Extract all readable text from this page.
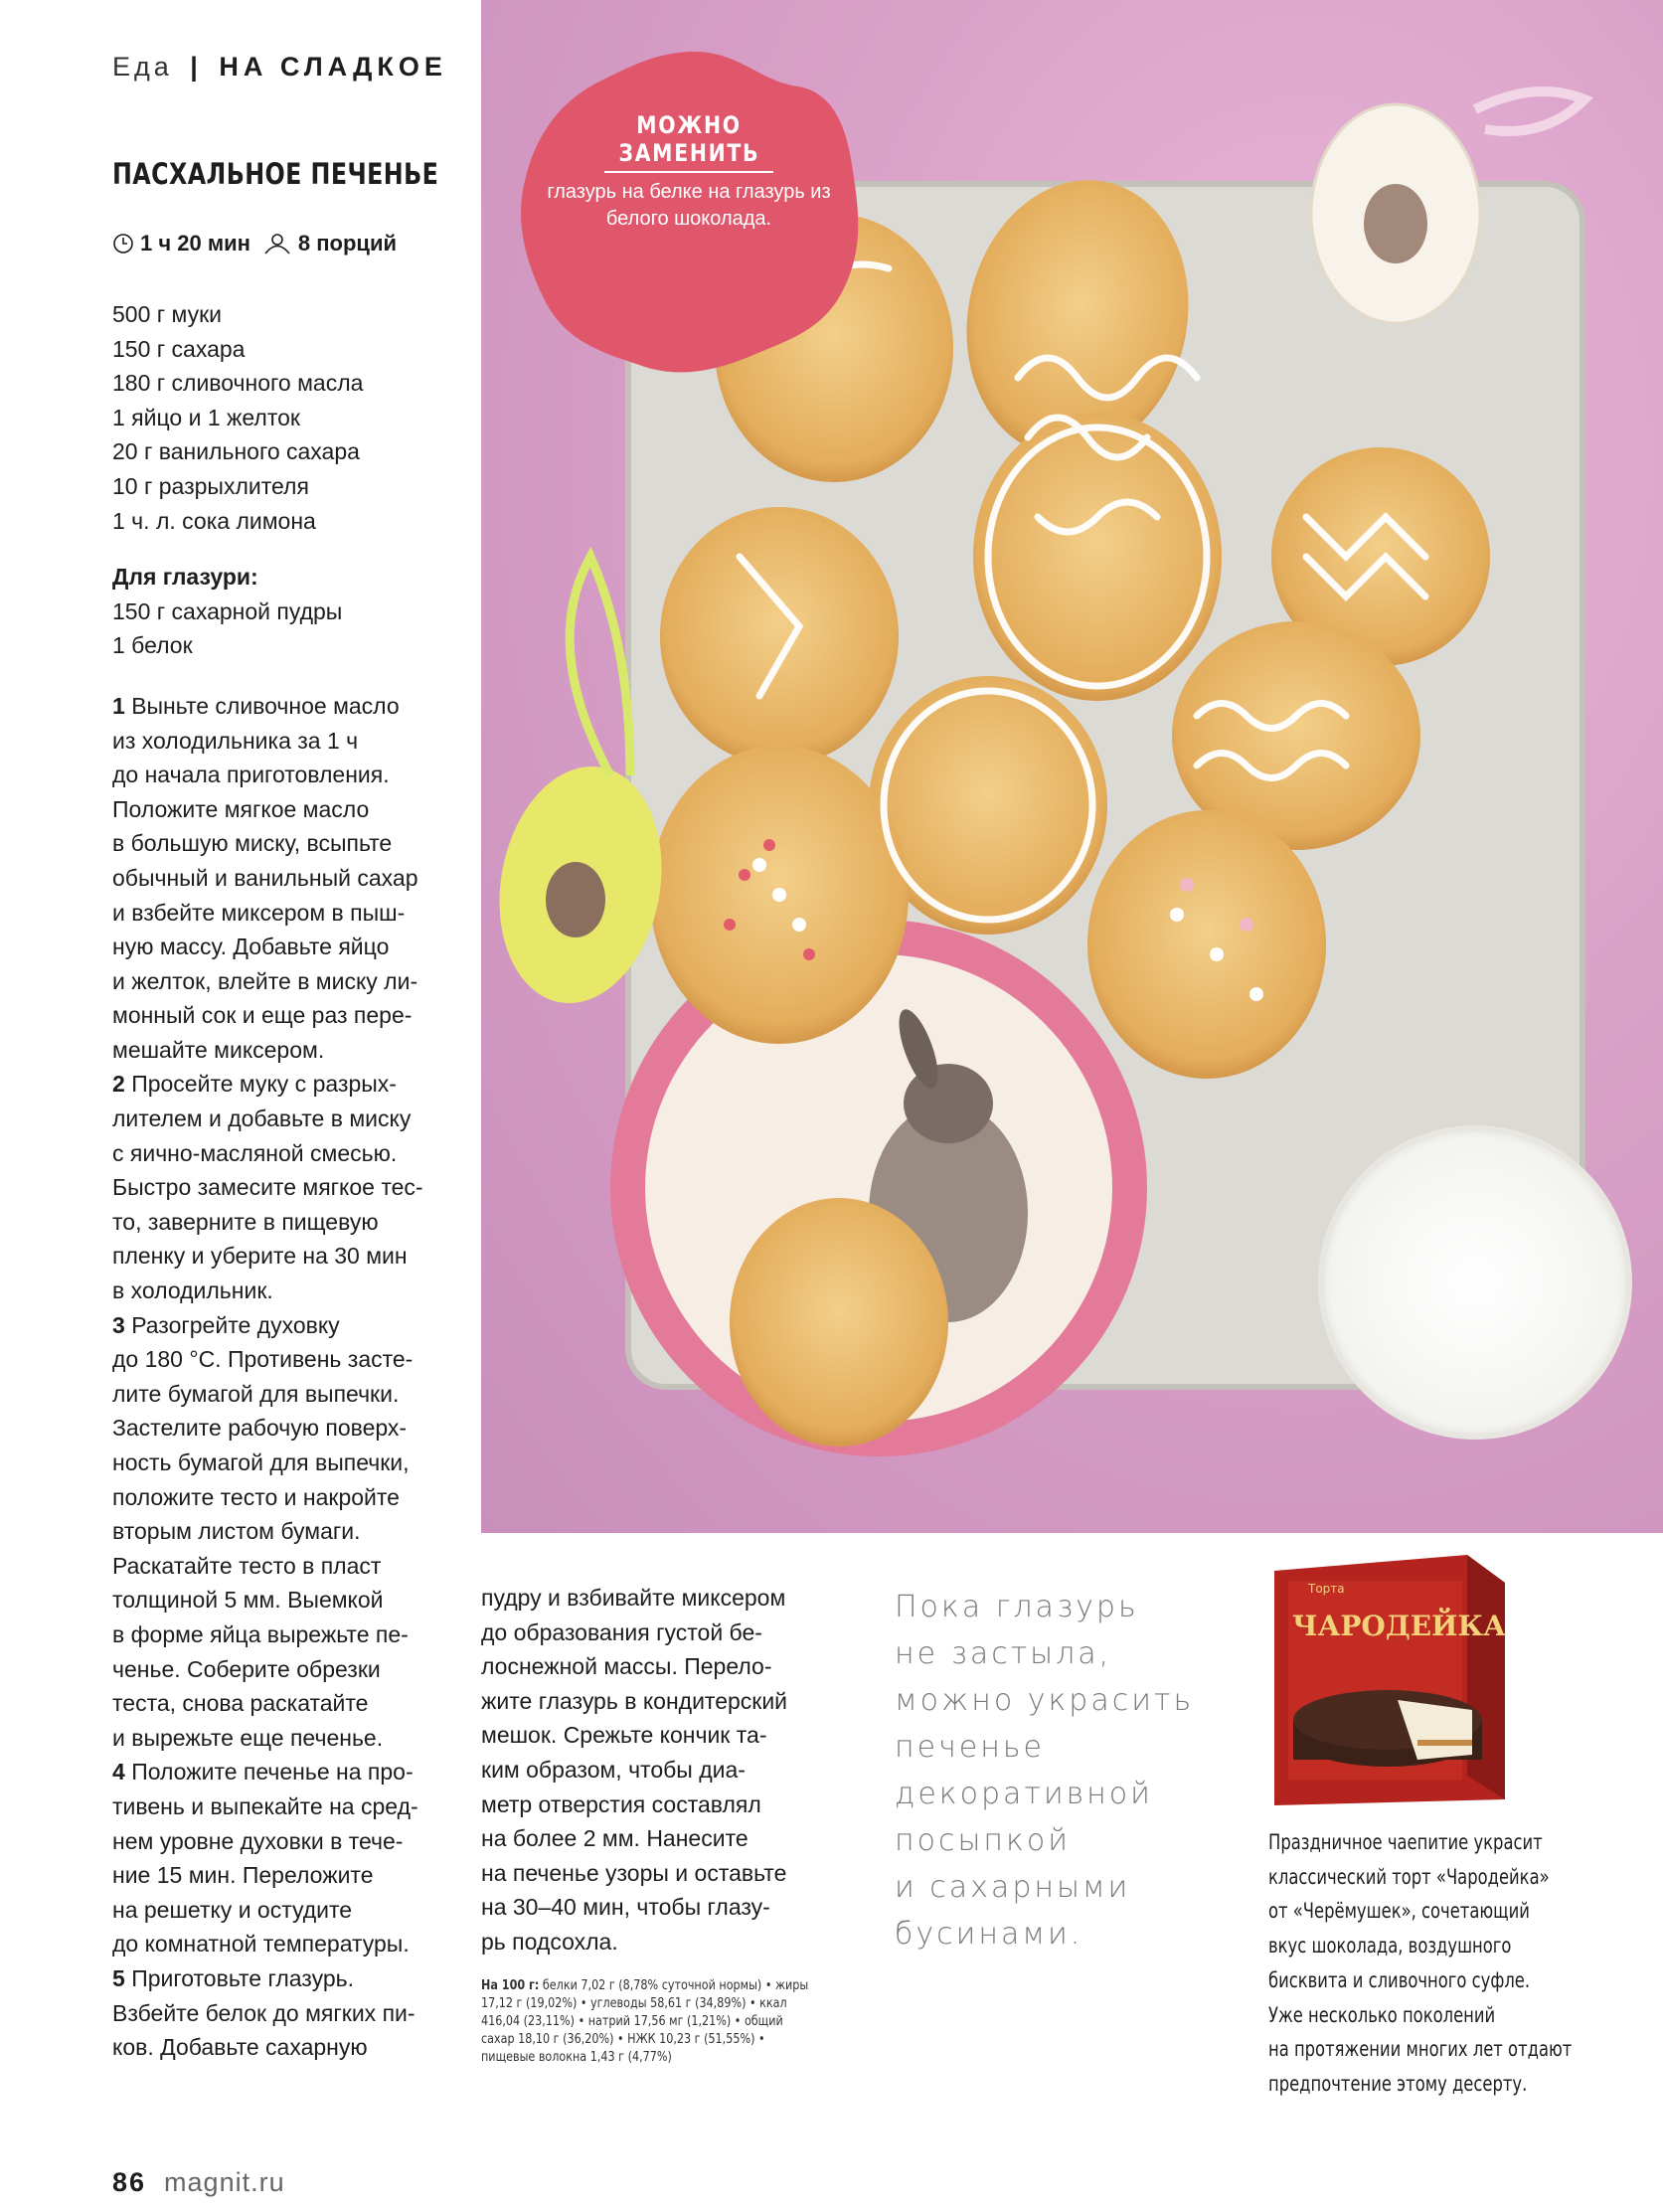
Еда | НА СЛАДКОЕ
ПАСХАЛЬНОЕ ПЕЧЕНЬЕ
1 ч 20 мин 8 порций
500 г муки
150 г сахара
180 г сливочного масла
1 яйцо и 1 желток
20 г ванильного сахара
10 г разрыхлителя
1 ч. л. сока лимона
Для глазури:
150 г сахарной пудры
1 белок
1 Выньте сливочное масло
из холодильника за 1 ч
до начала приготовления.
Положите мягкое масло
в большую миску, всыпьте
обычный и ванильный сахар
и взбейте миксером в пыш-
ную массу. Добавьте яйцо
и желток, влейте в миску ли-
монный сок и еще раз пере-
мешайте миксером.
2 Просейте муку с разрых-
лителем и добавьте в миску
с яично-масляной смесью.
Быстро замесите мягкое тес-
то, заверните в пищевую
пленку и уберите на 30 мин
в холодильник.
3 Разогрейте духовку
до 180 °C. Противень засте-
лите бумагой для выпечки.
Застелите рабочую поверх-
ность бумагой для выпечки,
положите тесто и накройте
вторым листом бумаги.
Раскатайте тесто в пласт
толщиной 5 мм. Выемкой
в форме яйца вырежьте пе-
ченье. Соберите обрезки
теста, снова раскатайте
и вырежьте еще печенье.
4 Положите печенье на про-
тивень и выпекайте на сред-
нем уровне духовки в тече-
ние 15 мин. Переложите
на решетку и остудите
до комнатной температуры.
5 Приготовьте глазурь.
Взбейте белок до мягких пи-
ков. Добавьте сахарную
МОЖНО
ЗАМЕНИТЬ
глазурь на белке на глазурь из белого шоколада.
пудру и взбивайте миксером
до образования густой бе-
лоснежной массы. Перело-
жите глазурь в кондитерский
мешок. Срежьте кончик та-
ким образом, чтобы диа-
метр отверстия составлял
на более 2 мм. Нанесите
на печенье узоры и оставьте
на 30–40 мин, чтобы глазу-
рь подсохла.
На 100 г: белки 7,02 г (8,78% суточной нормы) • жиры 17,12 г (19,02%) • углеводы 58,61 г (34,89%) • ккал 416,04 (23,11%) • натрий 17,56 мг (1,21%) • общий сахар 18,10 г (36,20%) • НЖК 10,23 г (51,55%) • пищевые волокна 1,43 г (4,77%)
Пока глазурь
не застыла,
можно украсить
печенье
декоративной
посыпкой
и сахарными
бусинами.
Торта
ЧАРОДЕЙКА
Праздничное чаепитие украсит
классический торт «Чародейка»
от «Черёмушек», сочетающий
вкус шоколада, воздушного
бисквита и сливочного суфле.
Уже несколько поколений
на протяжении многих лет отдают
предпочтение этому десерту.
86 magnit.ru
